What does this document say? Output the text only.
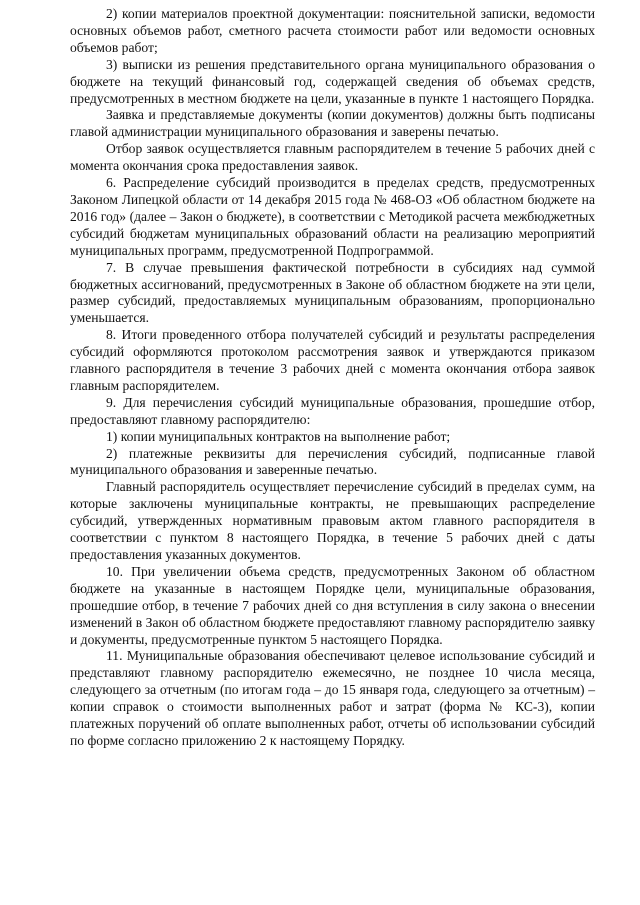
2) копии материалов проектной документации: пояснительной записки, ведомости основных объемов работ, сметного расчета стоимости работ или ведомости основных объемов работ;

3) выписки из решения представительного органа муниципального образования о бюджете на текущий финансовый год, содержащей сведения об объемах средств, предусмотренных в местном бюджете на цели, указанные в пункте 1 настоящего Порядка.

Заявка и представляемые документы (копии документов) должны быть подписаны главой администрации муниципального образования и заверены печатью.

Отбор заявок осуществляется главным распорядителем в течение 5 рабочих дней с момента окончания срока предоставления заявок.

6. Распределение субсидий производится в пределах средств, предусмотренных Законом Липецкой области от 14 декабря 2015 года № 468-ОЗ «Об областном бюджете на 2016 год» (далее – Закон о бюджете), в соответствии с Методикой расчета межбюджетных субсидий бюджетам муниципальных образований области на реализацию мероприятий муниципальных программ, предусмотренной Подпрограммой.

7. В случае превышения фактической потребности в субсидиях над суммой бюджетных ассигнований, предусмотренных в Законе об областном бюджете на эти цели, размер субсидий, предоставляемых муниципальным образованиям, пропорционально уменьшается.

8. Итоги проведенного отбора получателей субсидий и результаты распределения субсидий оформляются протоколом рассмотрения заявок и утверждаются приказом главного распорядителя в течение 3 рабочих дней с момента окончания отбора заявок главным распорядителем.

9. Для перечисления субсидий муниципальные образования, прошедшие отбор, предоставляют главному распорядителю:

1) копии муниципальных контрактов на выполнение работ;

2) платежные реквизиты для перечисления субсидий, подписанные главой муниципального образования и заверенные печатью.

Главный распорядитель осуществляет перечисление субсидий в пределах сумм, на которые заключены муниципальные контракты, не превышающих распределение субсидий, утвержденных нормативным правовым актом главного распорядителя в соответствии с пунктом 8 настоящего Порядка, в течение 5 рабочих дней с даты предоставления указанных документов.

10. При увеличении объема средств, предусмотренных Законом об областном бюджете на указанные в настоящем Порядке цели, муниципальные образования, прошедшие отбор, в течение 7 рабочих дней со дня вступления в силу закона о внесении изменений в Закон об областном бюджете предоставляют главному распорядителю заявку и документы, предусмотренные пунктом 5 настоящего Порядка.

11. Муниципальные образования обеспечивают целевое использование субсидий и представляют главному распорядителю ежемесячно, не позднее 10 числа месяца, следующего за отчетным (по итогам года – до 15 января года, следующего за отчетным) – копии справок о стоимости выполненных работ и затрат (форма № КС-3), копии платежных поручений об оплате выполненных работ, отчеты об использовании субсидий по форме согласно приложению 2 к настоящему Порядку.
